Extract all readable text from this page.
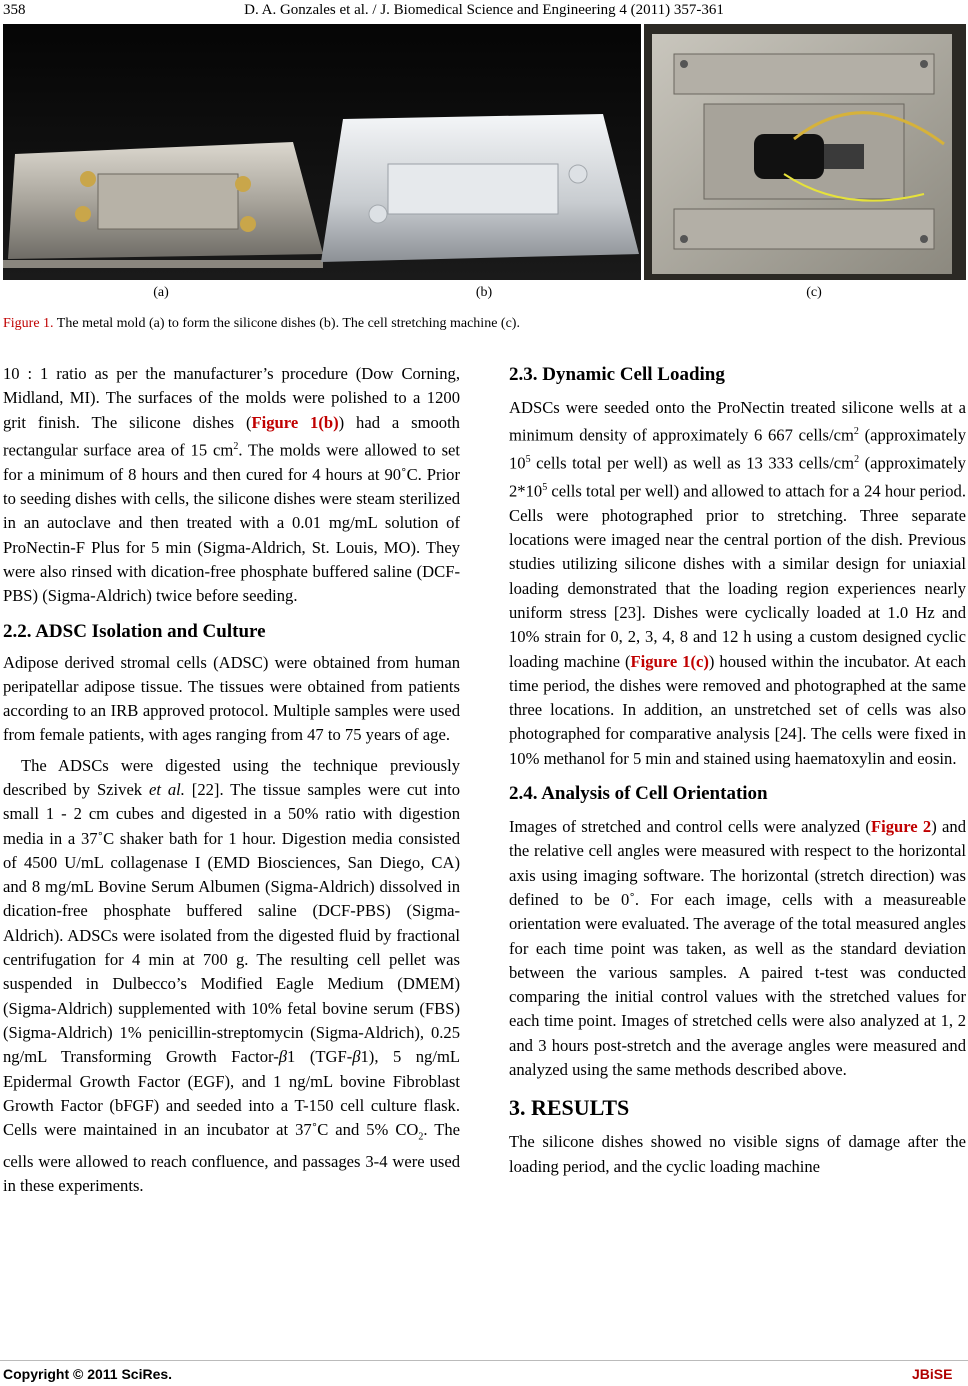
358	D. A. Gonzales et al. / J. Biomedical Science and Engineering 4 (2011) 357-361
(a)	(b)	(c)
Figure 1. The metal mold (a) to form the silicone dishes (b). The cell stretching machine (c).

10 : 1 ratio as per the manufacturer’s procedure (Dow Corning, Midland, MI). The surfaces of the molds were polished to a 1200 grit finish. The silicone dishes (Figure 1(b)) had a smooth rectangular surface area of 15 $cm^2$. The molds were allowed to set for a minimum of 8 hours and then cured for 4 hours at 90˚C. Prior to seeding dishes with cells, the silicone dishes were steam sterilized in an autoclave and then treated with a 0.01 mg/mL solution of ProNectin-F Plus for 5 min (Sigma-Aldrich, St. Louis, MO). They were also rinsed with dication-free phosphate buffered saline (DCF-PBS) (Sigma-Aldrich) twice before seeding.

2.2. ADSC Isolation and Culture

Adipose derived stromal cells (ADSC) were obtained from human peripatellar adipose tissue. The tissues were obtained from patients according to an IRB approved protocol. Multiple samples were used from female patients, with ages ranging from 47 to 75 years of age.

The ADSCs were digested using the technique previously described by Szivek et al. [22]. The tissue samples were cut into small 1 - 2 cm cubes and digested in a 50% ratio with digestion media in a 37˚C shaker bath for 1 hour. Digestion media consisted of 4500 U/mL collagenase I (EMD Biosciences, San Diego, CA) and 8 mg/mL Bovine Serum Albumen (Sigma-Aldrich) dissolved in dication-free phosphate buffered saline (DCF-PBS) (Sigma-Aldrich). ADSCs were isolated from the digested fluid by fractional centrifugation for 4 min at 700 g. The resulting cell pellet was suspended in Dulbecco’s Modified Eagle Medium (DMEM) (Sigma-Aldrich) supplemented with 10% fetal bovine serum (FBS) (Sigma-Aldrich) 1% penicillin-streptomycin (Sigma-Aldrich), 0.25 ng/mL Transforming Growth Factor-β1 (TGF-β1), 5 ng/mL Epidermal Growth Factor (EGF), and 1 ng/mL bovine Fibroblast Growth Factor (bFGF) and seeded into a T-150 cell culture flask. Cells were maintained in an incubator at 37˚C and 5% $CO_2$. The cells were allowed to reach confluence, and passages 3-4 were used in these experiments.

2.3. Dynamic Cell Loading

ADSCs were seeded onto the ProNectin treated silicone wells at a minimum density of approximately 6 667 cells/$cm^2$ (approximately $10^5$ cells total per well) as well as 13 333 cells/$cm^2$ (approximately $2*10^5$ cells total per well) and allowed to attach for a 24 hour period. Cells were photographed prior to stretching. Three separate locations were imaged near the central portion of the dish. Previous studies utilizing silicone dishes with a similar design for uniaxial loading demonstrated that the loading region experiences nearly uniform stress [23]. Dishes were cyclically loaded at 1.0 Hz and 10% strain for 0, 2, 3, 4, 8 and 12 h using a custom designed cyclic loading machine (Figure 1(c)) housed within the incubator. At each time period, the dishes were removed and photographed at the same three locations. In addition, an unstretched set of cells was also photographed for comparative analysis [24]. The cells were fixed in 10% methanol for 5 min and stained using haematoxylin and eosin.

2.4. Analysis of Cell Orientation

Images of stretched and control cells were analyzed (Figure 2) and the relative cell angles were measured with respect to the horizontal axis using imaging software. The horizontal (stretch direction) was defined to be 0˚. For each image, cells with a measureable orientation were evaluated. The average of the total measured angles for each time point was taken, as well as the standard deviation between the various samples. A paired t-test was conducted comparing the initial control values with the stretched values for each time point. Images of stretched cells were also analyzed at 1, 2 and 3 hours post-stretch and the average angles were measured and analyzed using the same methods described above.

3. RESULTS

The silicone dishes showed no visible signs of damage after the loading period, and the cyclic loading machine

Copyright © 2011 SciRes.	JBiSE
